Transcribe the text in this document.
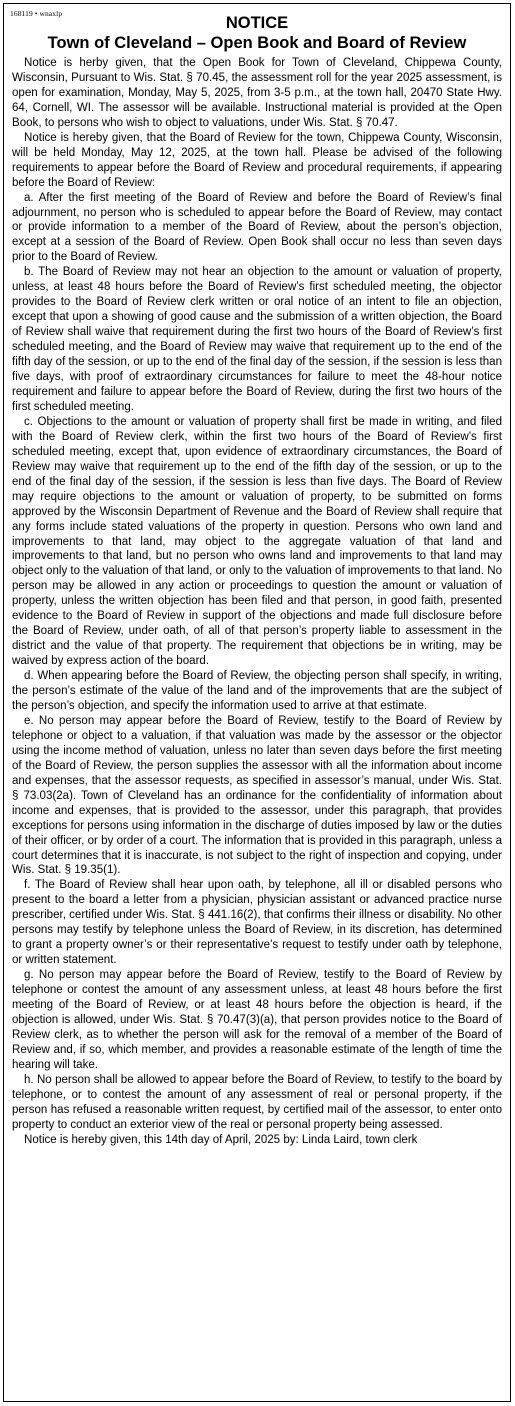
168119 • wnaxlp
NOTICE
Town of Cleveland – Open Book and Board of Review

Notice is herby given, that the Open Book for Town of Cleveland, Chippewa County, Wisconsin, Pursuant to Wis. Stat. § 70.45, the assessment roll for the year 2025 assessment, is open for examination, Monday, May 5, 2025, from 3-5 p.m., at the town hall, 20470 State Hwy. 64, Cornell, WI. The assessor will be available. Instructional material is provided at the Open Book, to persons who wish to object to valuations, under Wis. Stat. § 70.47.

Notice is hereby given, that the Board of Review for the town, Chippewa County, Wisconsin, will be held Monday, May 12, 2025, at the town hall. Please be advised of the following requirements to appear before the Board of Review and procedural requirements, if appearing before the Board of Review:

a. After the first meeting of the Board of Review and before the Board of Review’s final adjournment, no person who is scheduled to appear before the Board of Review, may contact or provide information to a member of the Board of Review, about the person’s objection, except at a session of the Board of Review. Open Book shall occur no less than seven days prior to the Board of Review.

b. The Board of Review may not hear an objection to the amount or valuation of property, unless, at least 48 hours before the Board of Review’s first scheduled meeting, the objector provides to the Board of Review clerk written or oral notice of an intent to file an objection, except that upon a showing of good cause and the submission of a written objection, the Board of Review shall waive that requirement during the first two hours of the Board of Review’s first scheduled meeting, and the Board of Review may waive that requirement up to the end of the fifth day of the session, or up to the end of the final day of the session, if the session is less than five days, with proof of extraordinary circumstances for failure to meet the 48-hour notice requirement and failure to appear before the Board of Review, during the first two hours of the first scheduled meeting.

c. Objections to the amount or valuation of property shall first be made in writing, and filed with the Board of Review clerk, within the first two hours of the Board of Review’s first scheduled meeting, except that, upon evidence of extraordinary circumstances, the Board of Review may waive that requirement up to the end of the fifth day of the session, or up to the end of the final day of the session, if the session is less than five days. The Board of Review may require objections to the amount or valuation of property, to be submitted on forms approved by the Wisconsin Department of Revenue and the Board of Review shall require that any forms include stated valuations of the property in question. Persons who own land and improvements to that land, may object to the aggregate valuation of that land and improvements to that land, but no person who owns land and improvements to that land may object only to the valuation of that land, or only to the valuation of improvements to that land. No person may be allowed in any action or proceedings to question the amount or valuation of property, unless the written objection has been filed and that person, in good faith, presented evidence to the Board of Review in support of the objections and made full disclosure before the Board of Review, under oath, of all of that person’s property liable to assessment in the district and the value of that property. The requirement that objections be in writing, may be waived by express action of the board.

d. When appearing before the Board of Review, the objecting person shall specify, in writing, the person’s estimate of the value of the land and of the improvements that are the subject of the person’s objection, and specify the information used to arrive at that estimate.

e. No person may appear before the Board of Review, testify to the Board of Review by telephone or object to a valuation, if that valuation was made by the assessor or the objector using the income method of valuation, unless no later than seven days before the first meeting of the Board of Review, the person supplies the assessor with all the information about income and expenses, that the assessor requests, as specified in assessor’s manual, under Wis. Stat. § 73.03(2a). Town of Cleveland has an ordinance for the confidentiality of information about income and expenses, that is provided to the assessor, under this paragraph, that provides exceptions for persons using information in the discharge of duties imposed by law or the duties of their officer, or by order of a court. The information that is provided in this paragraph, unless a court determines that it is inaccurate, is not subject to the right of inspection and copying, under Wis. Stat. § 19.35(1).

f. The Board of Review shall hear upon oath, by telephone, all ill or disabled persons who present to the board a letter from a physician, physician assistant or advanced practice nurse prescriber, certified under Wis. Stat. § 441.16(2), that confirms their illness or disability. No other persons may testify by telephone unless the Board of Review, in its discretion, has determined to grant a property owner’s or their representative’s request to testify under oath by telephone, or written statement.

g. No person may appear before the Board of Review, testify to the Board of Review by telephone or contest the amount of any assessment unless, at least 48 hours before the first meeting of the Board of Review, or at least 48 hours before the objection is heard, if the objection is allowed, under Wis. Stat. § 70.47(3)(a), that person provides notice to the Board of Review clerk, as to whether the person will ask for the removal of a member of the Board of Review and, if so, which member, and provides a reasonable estimate of the length of time the hearing will take.

h. No person shall be allowed to appear before the Board of Review, to testify to the board by telephone, or to contest the amount of any assessment of real or personal property, if the person has refused a reasonable written request, by certified mail of the assessor, to enter onto property to conduct an exterior view of the real or personal property being assessed.

Notice is hereby given, this 14th day of April, 2025 by: Linda Laird, town clerk
